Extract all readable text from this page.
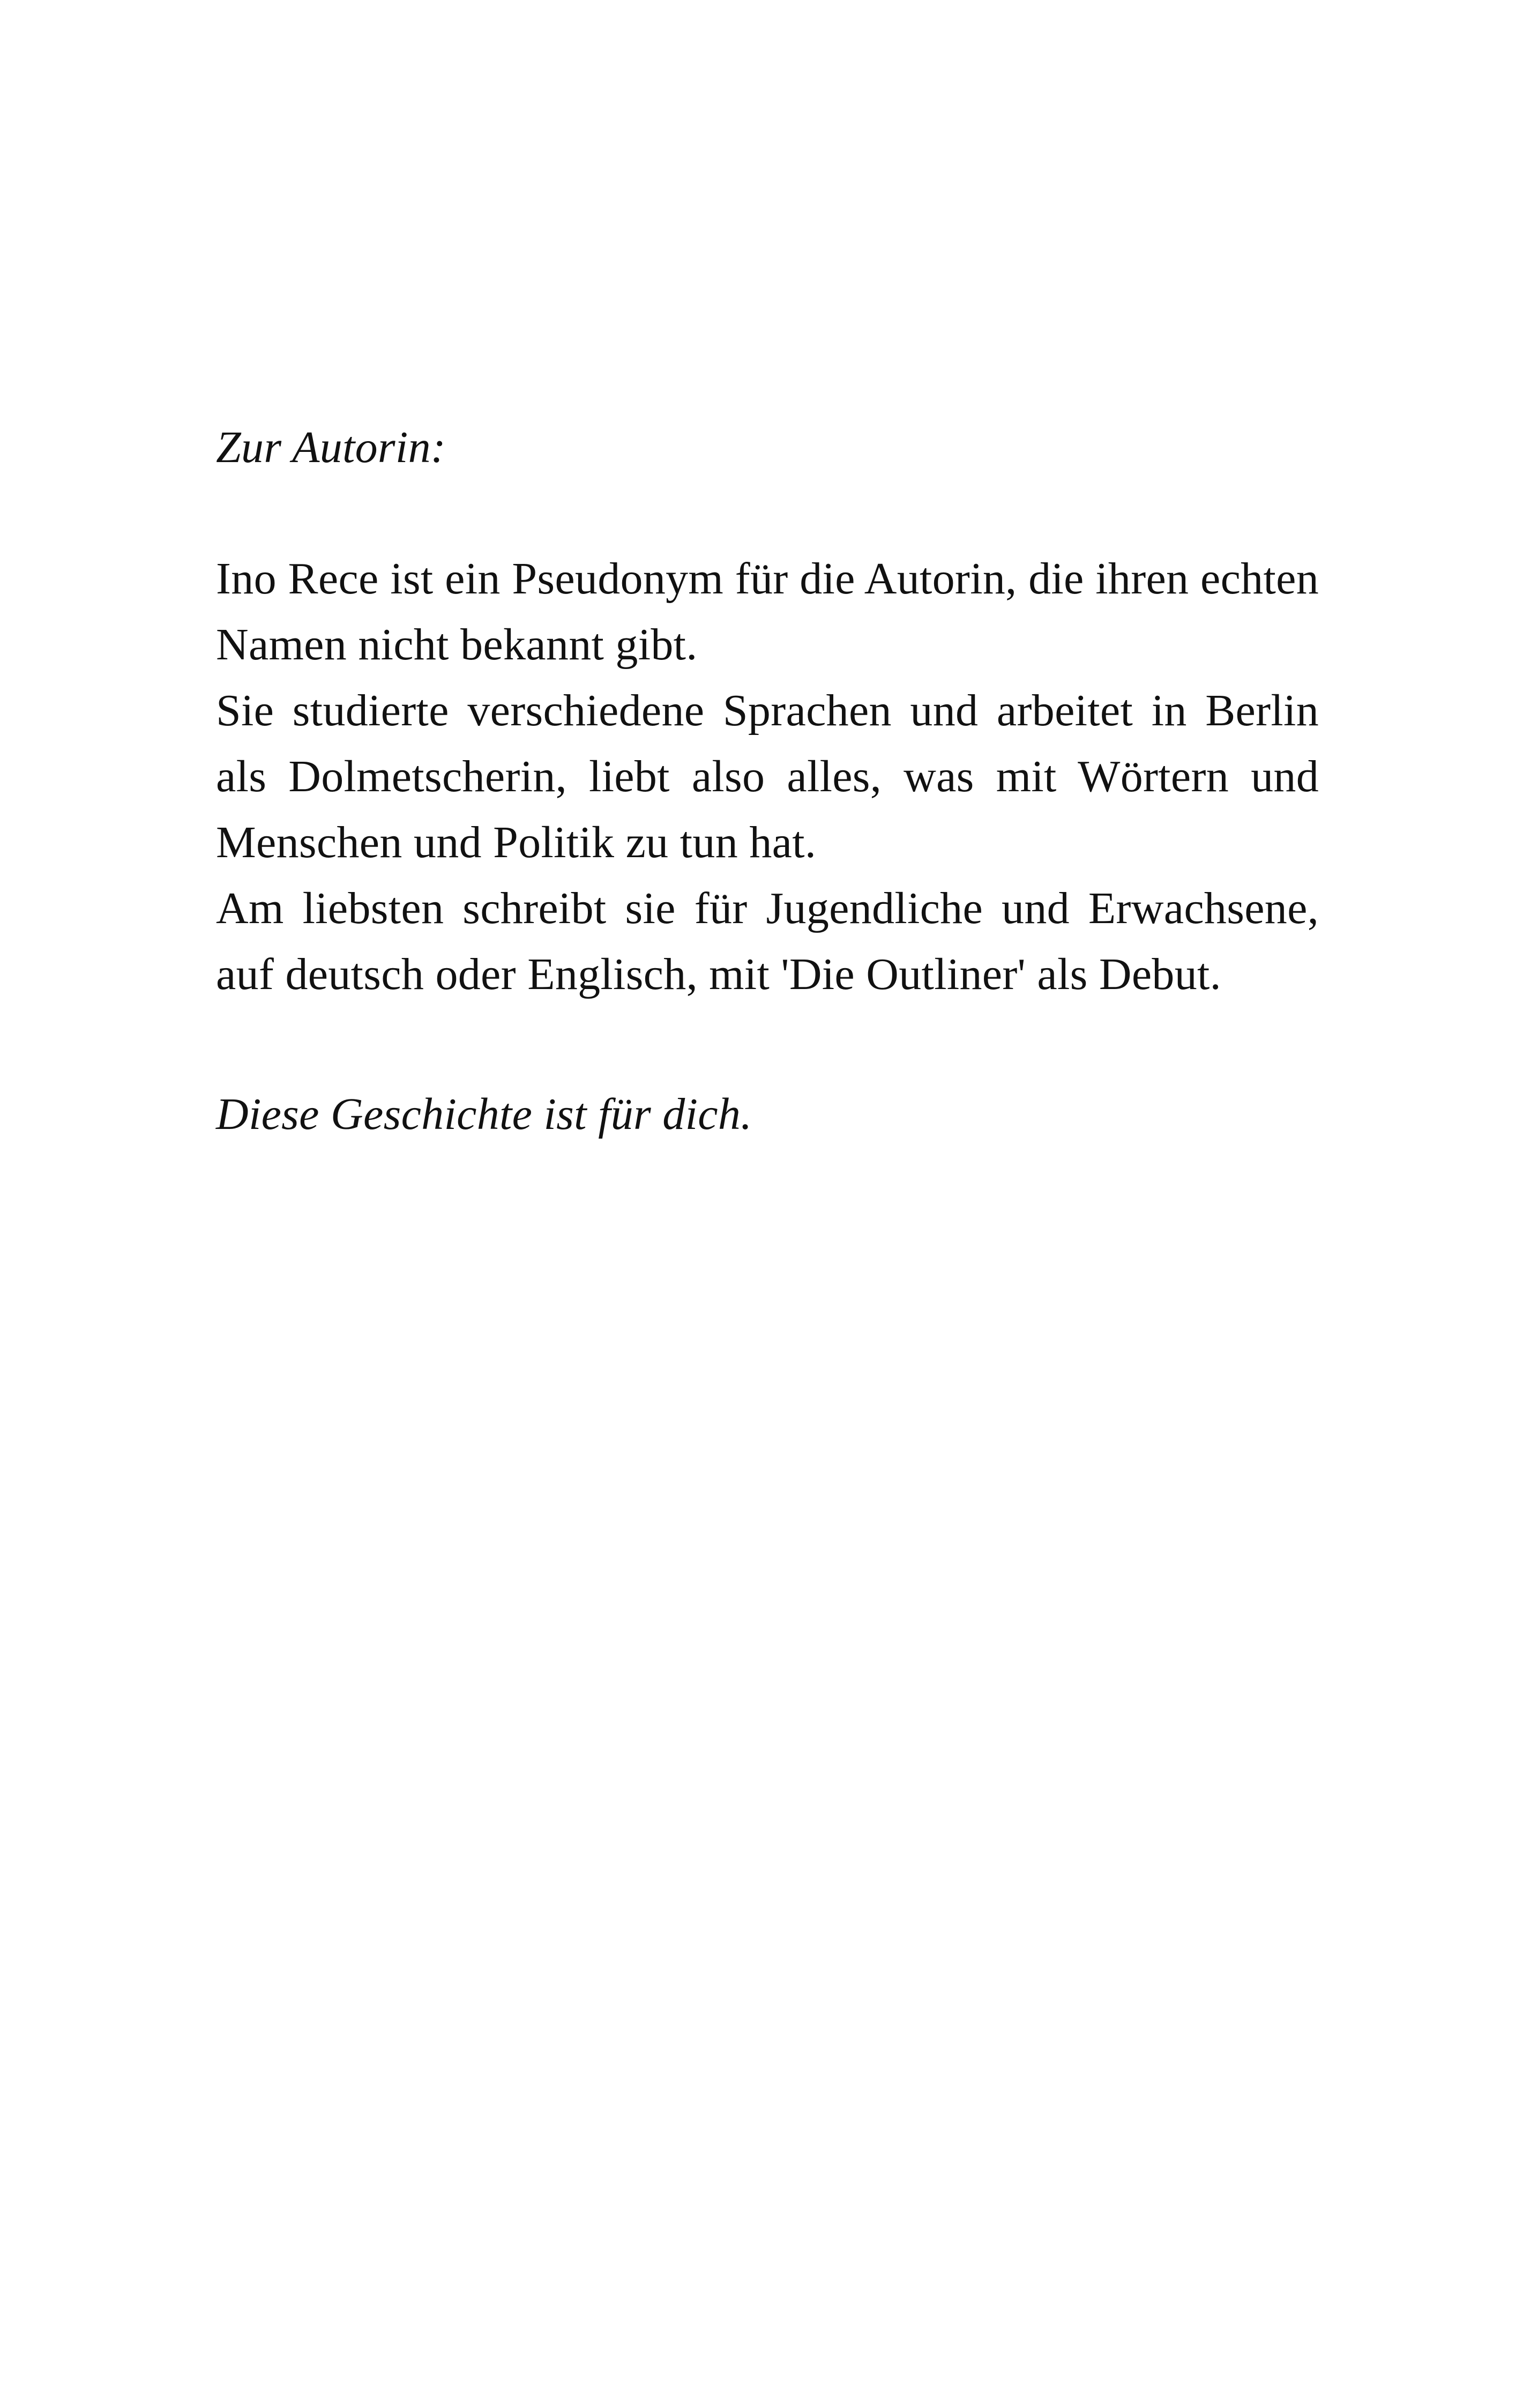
Zur Autorin:

Ino Rece ist ein Pseudonym für die Autorin, die ihren echten Namen nicht bekannt gibt.

Sie studierte verschiedene Sprachen und arbeitet in Berlin als Dolmetscherin, liebt also alles, was mit Wörtern und Menschen und Politik zu tun hat.

Am liebsten schreibt sie für Jugendliche und Erwachsene, auf deutsch oder Englisch, mit 'Die Outliner' als Debut.

Diese Geschichte ist für dich.
